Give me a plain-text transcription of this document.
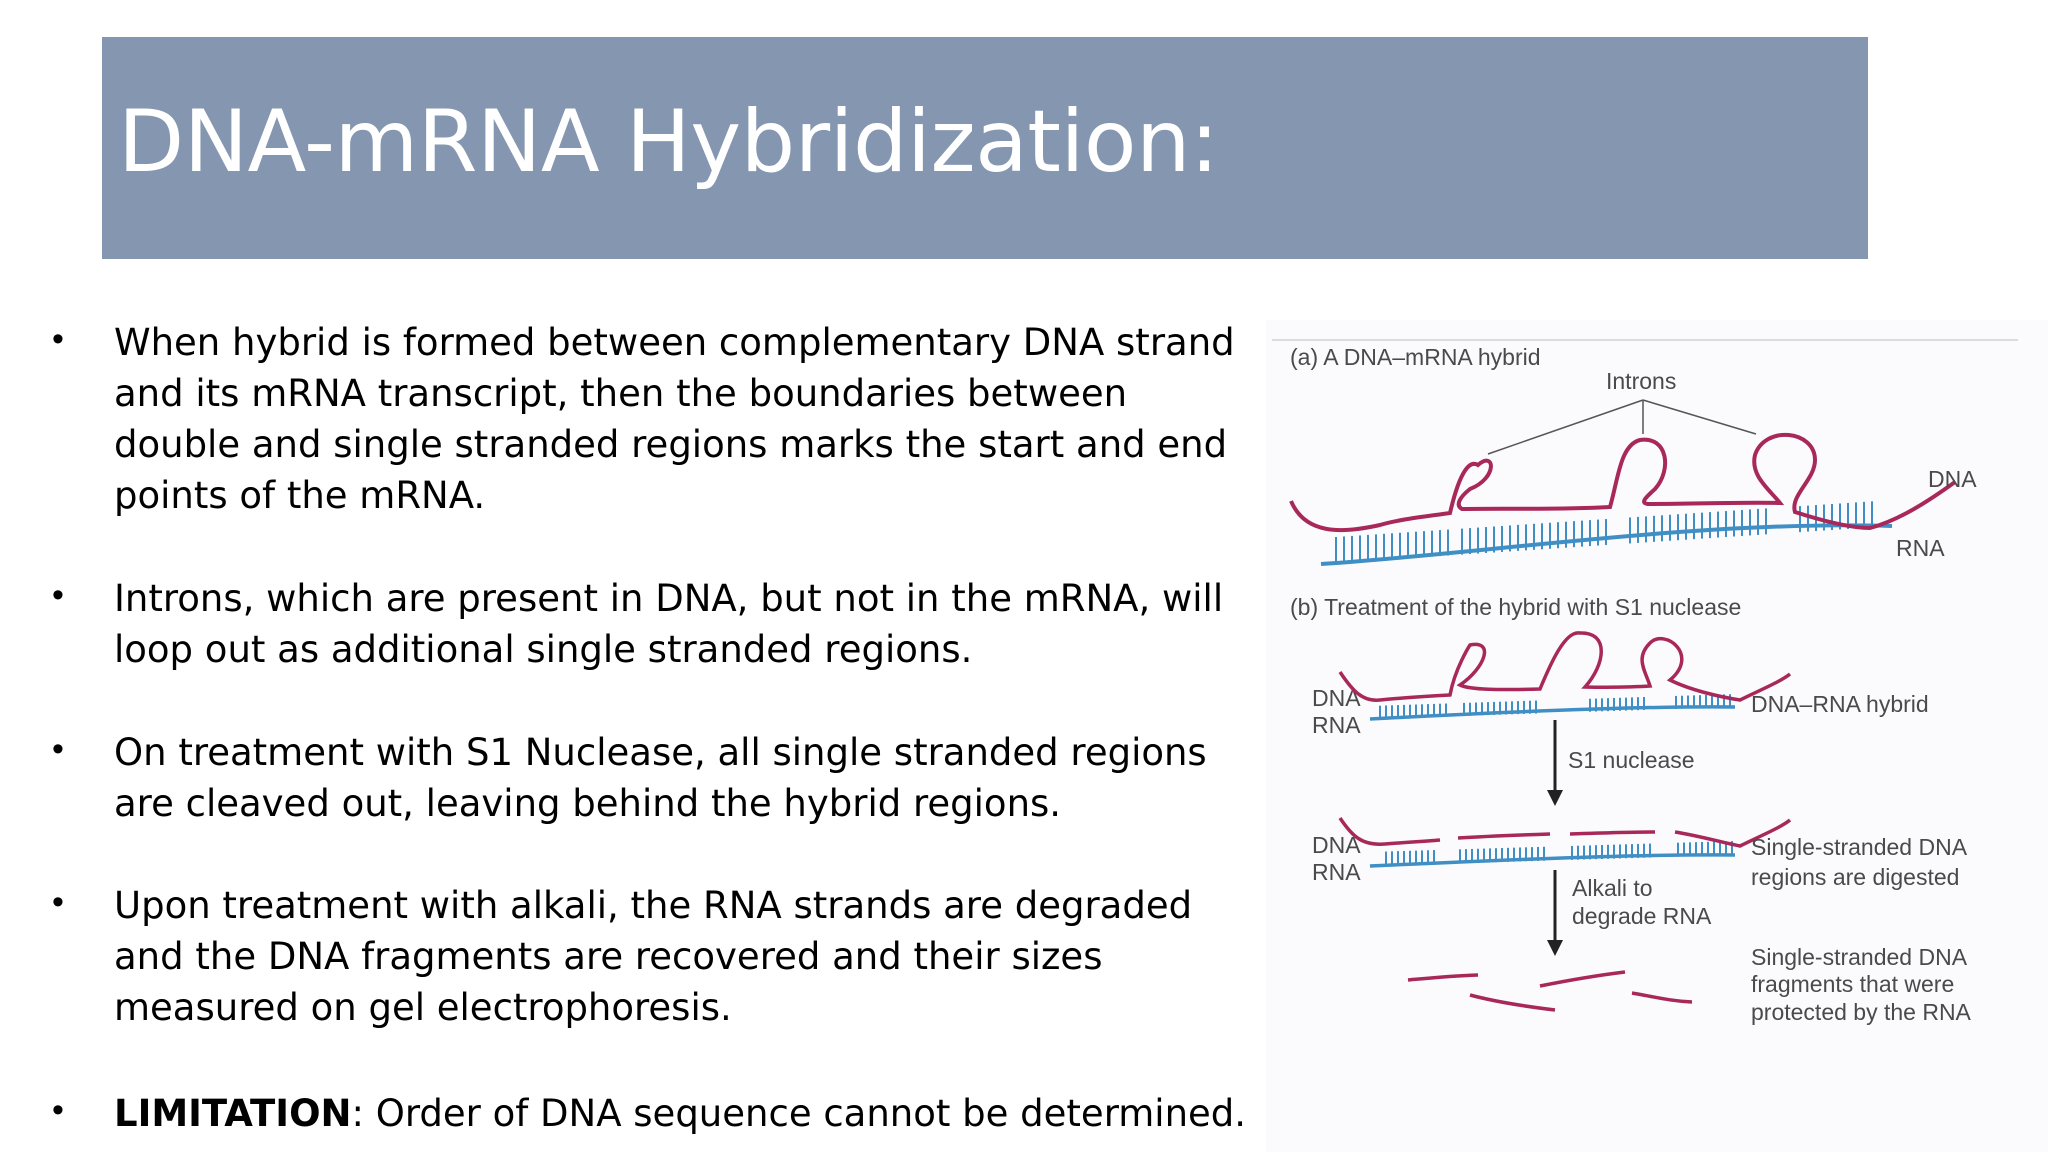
DNA-mRNA Hybridization:
• When hybrid is formed between complementary DNA strand and its mRNA transcript, then the boundaries between double and single stranded regions marks the start and end points of the mRNA.
• Introns, which are present in DNA, but not in the mRNA, will loop out as additional single stranded regions.
• On treatment with S1 Nuclease, all single stranded regions are cleaved out, leaving behind the hybrid regions.
• Upon treatment with alkali, the RNA strands are degraded and the DNA fragments are recovered and their sizes measured on gel electrophoresis.
• LIMITATION: Order of DNA sequence cannot be determined.
(a) A DNA–mRNA hybrid
Introns
DNA
RNA
(b) Treatment of the hybrid with S1 nuclease
DNA
RNA
DNA–RNA hybrid
S1 nuclease
DNA
RNA
Single-stranded DNA
regions are digested
Alkali to
degrade RNA
Single-stranded DNA
fragments that were
protected by the RNA
